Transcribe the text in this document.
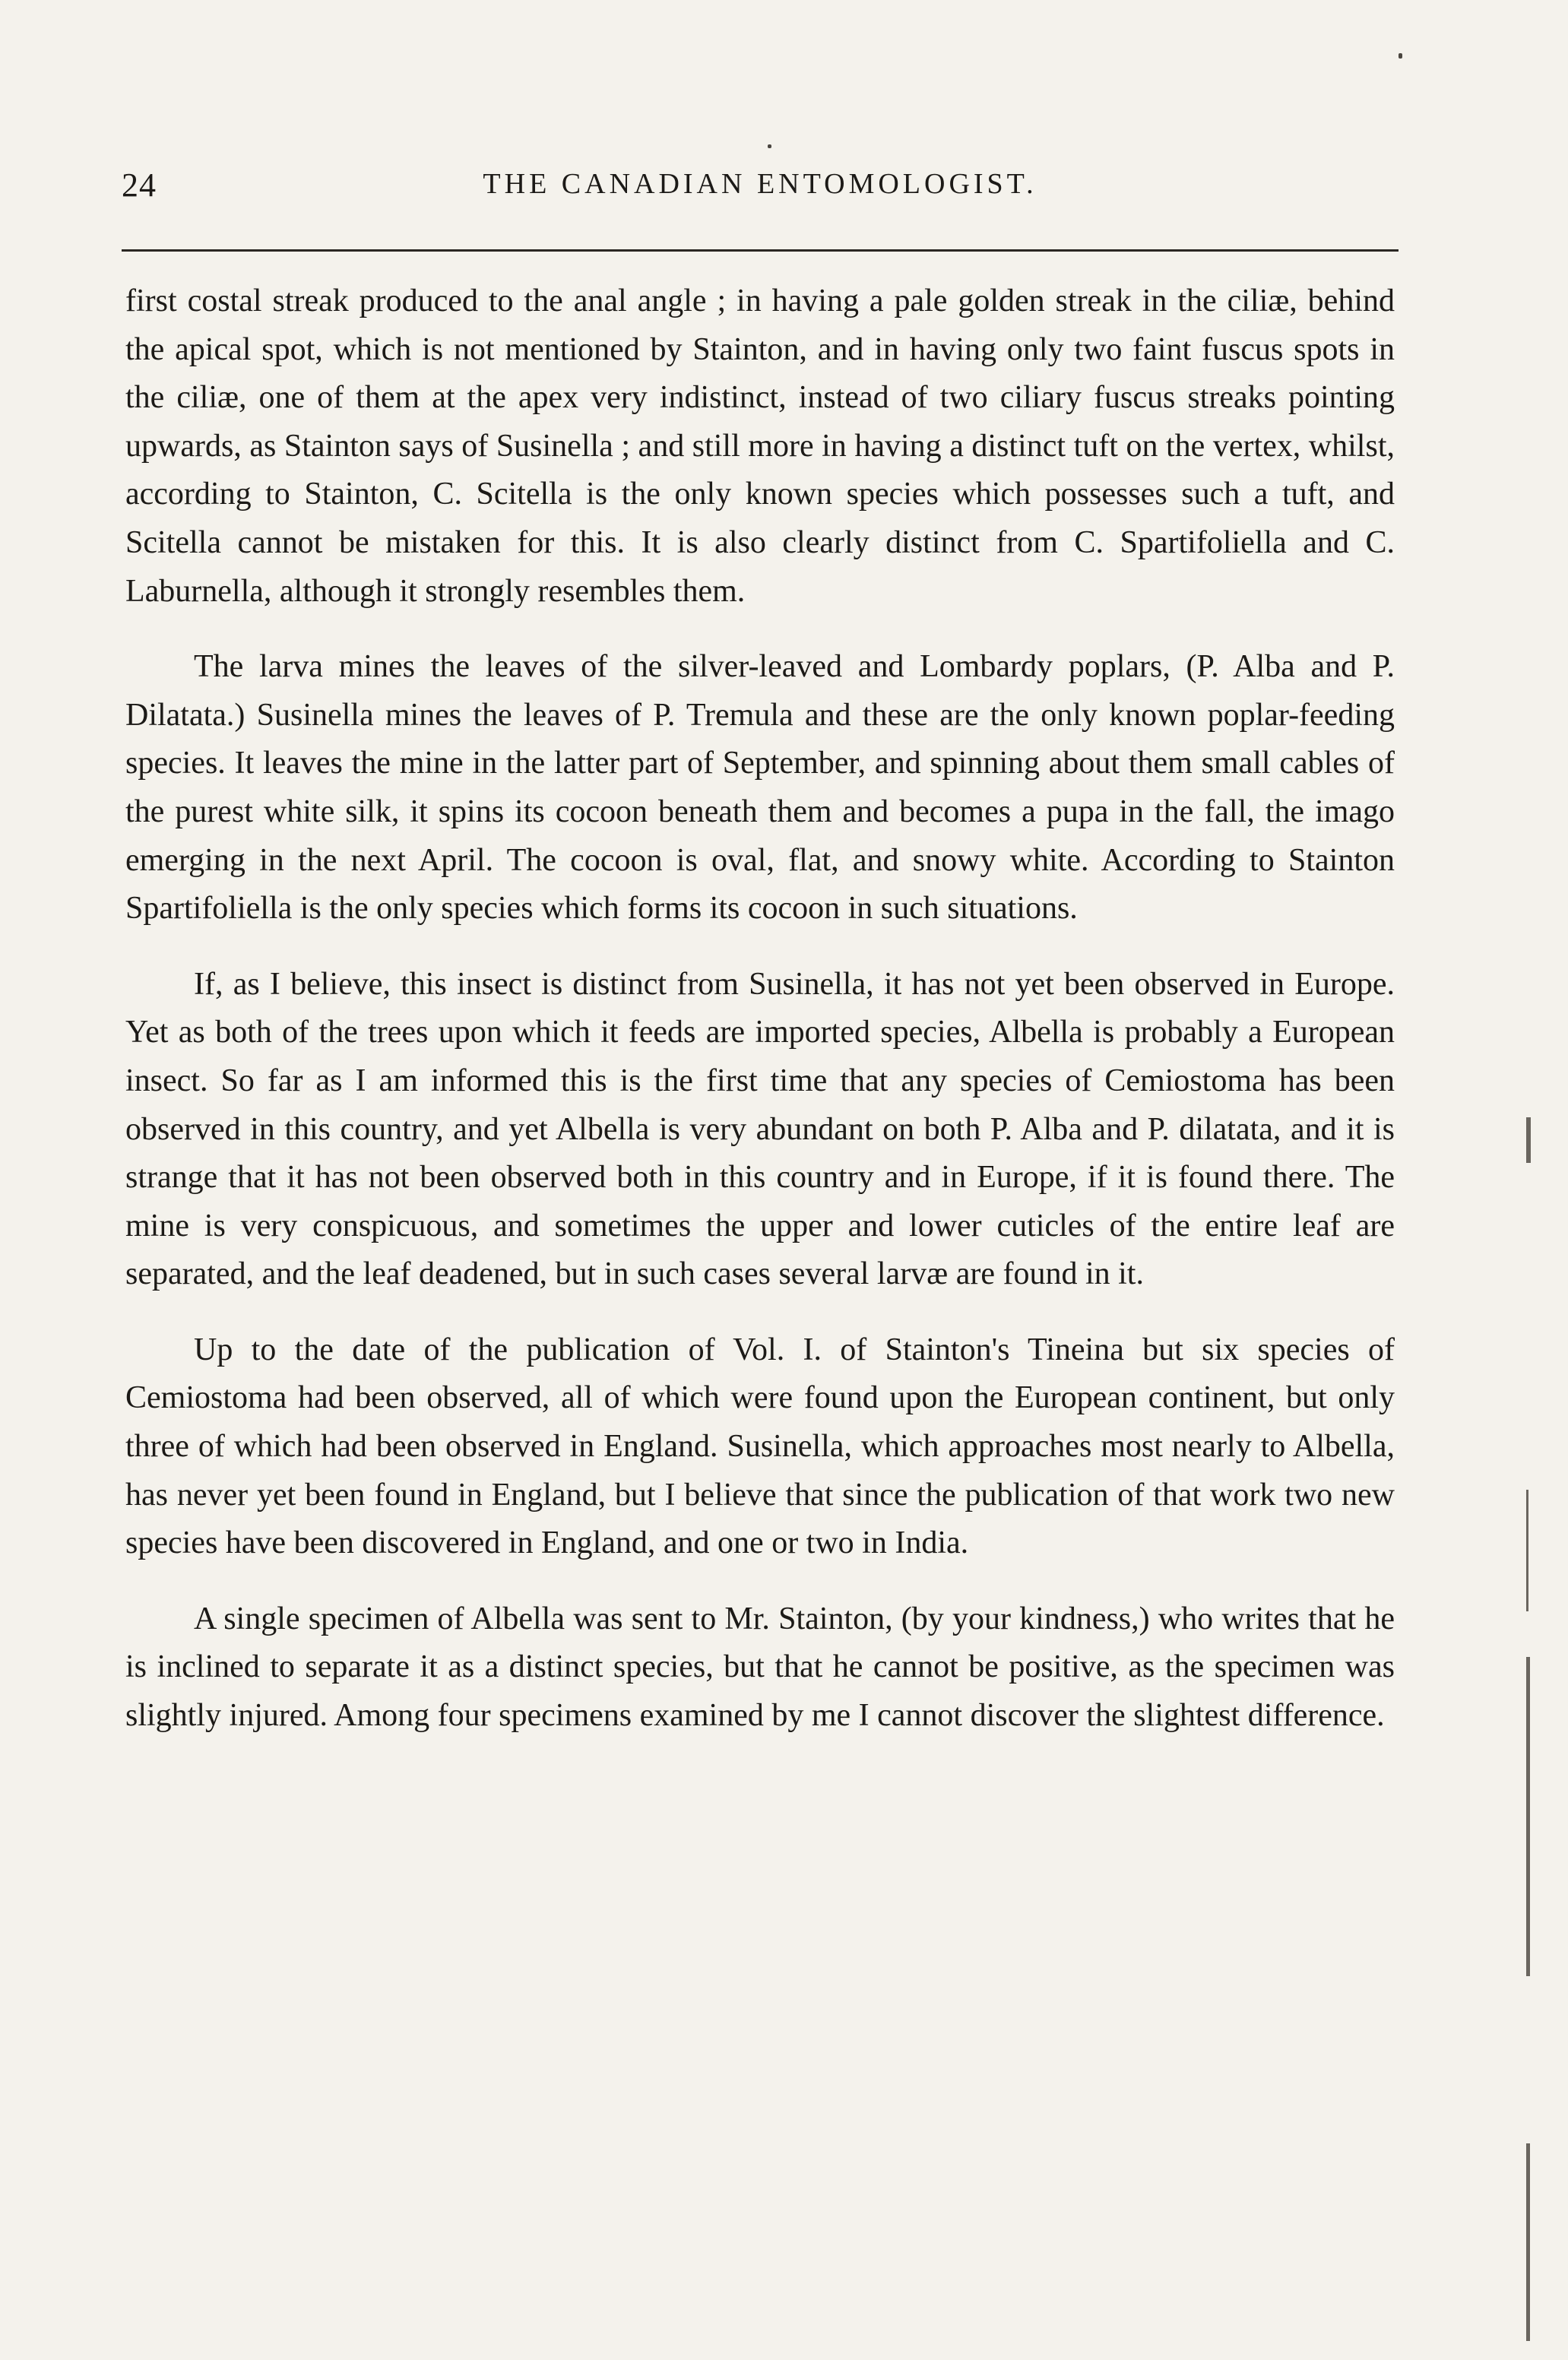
24	THE CANADIAN ENTOMOLOGIST.

first costal streak produced to the anal angle ; in having a pale golden streak in the ciliæ, behind the apical spot, which is not mentioned by Stainton, and in having only two faint fuscus spots in the ciliæ, one of them at the apex very indistinct, instead of two ciliary fuscus streaks pointing upwards, as Stainton says of Susinella ; and still more in having a distinct tuft on the vertex, whilst, according to Stainton, C. Scitella is the only known species which possesses such a tuft, and Scitella cannot be mistaken for this. It is also clearly distinct from C. Spartifoliella and C. Laburnella, although it strongly resembles them.

The larva mines the leaves of the silver-leaved and Lombardy poplars, (P. Alba and P. Dilatata.) Susinella mines the leaves of P. Tremula and these are the only known poplar-feeding species. It leaves the mine in the latter part of September, and spinning about them small cables of the purest white silk, it spins its cocoon beneath them and becomes a pupa in the fall, the imago emerging in the next April. The cocoon is oval, flat, and snowy white. According to Stainton Spartifoliella is the only species which forms its cocoon in such situations.

If, as I believe, this insect is distinct from Susinella, it has not yet been observed in Europe. Yet as both of the trees upon which it feeds are imported species, Albella is probably a European insect. So far as I am informed this is the first time that any species of Cemiostoma has been observed in this country, and yet Albella is very abundant on both P. Alba and P. dilatata, and it is strange that it has not been observed both in this country and in Europe, if it is found there. The mine is very conspicuous, and sometimes the upper and lower cuticles of the entire leaf are separated, and the leaf deadened, but in such cases several larvæ are found in it.

Up to the date of the publication of Vol. I. of Stainton's Tineina but six species of Cemiostoma had been observed, all of which were found upon the European continent, but only three of which had been observed in England. Susinella, which approaches most nearly to Albella, has never yet been found in England, but I believe that since the publication of that work two new species have been discovered in England, and one or two in India.

A single specimen of Albella was sent to Mr. Stainton, (by your kindness,) who writes that he is inclined to separate it as a distinct species, but that he cannot be positive, as the specimen was slightly injured. Among four specimens examined by me I cannot discover the slightest difference.
